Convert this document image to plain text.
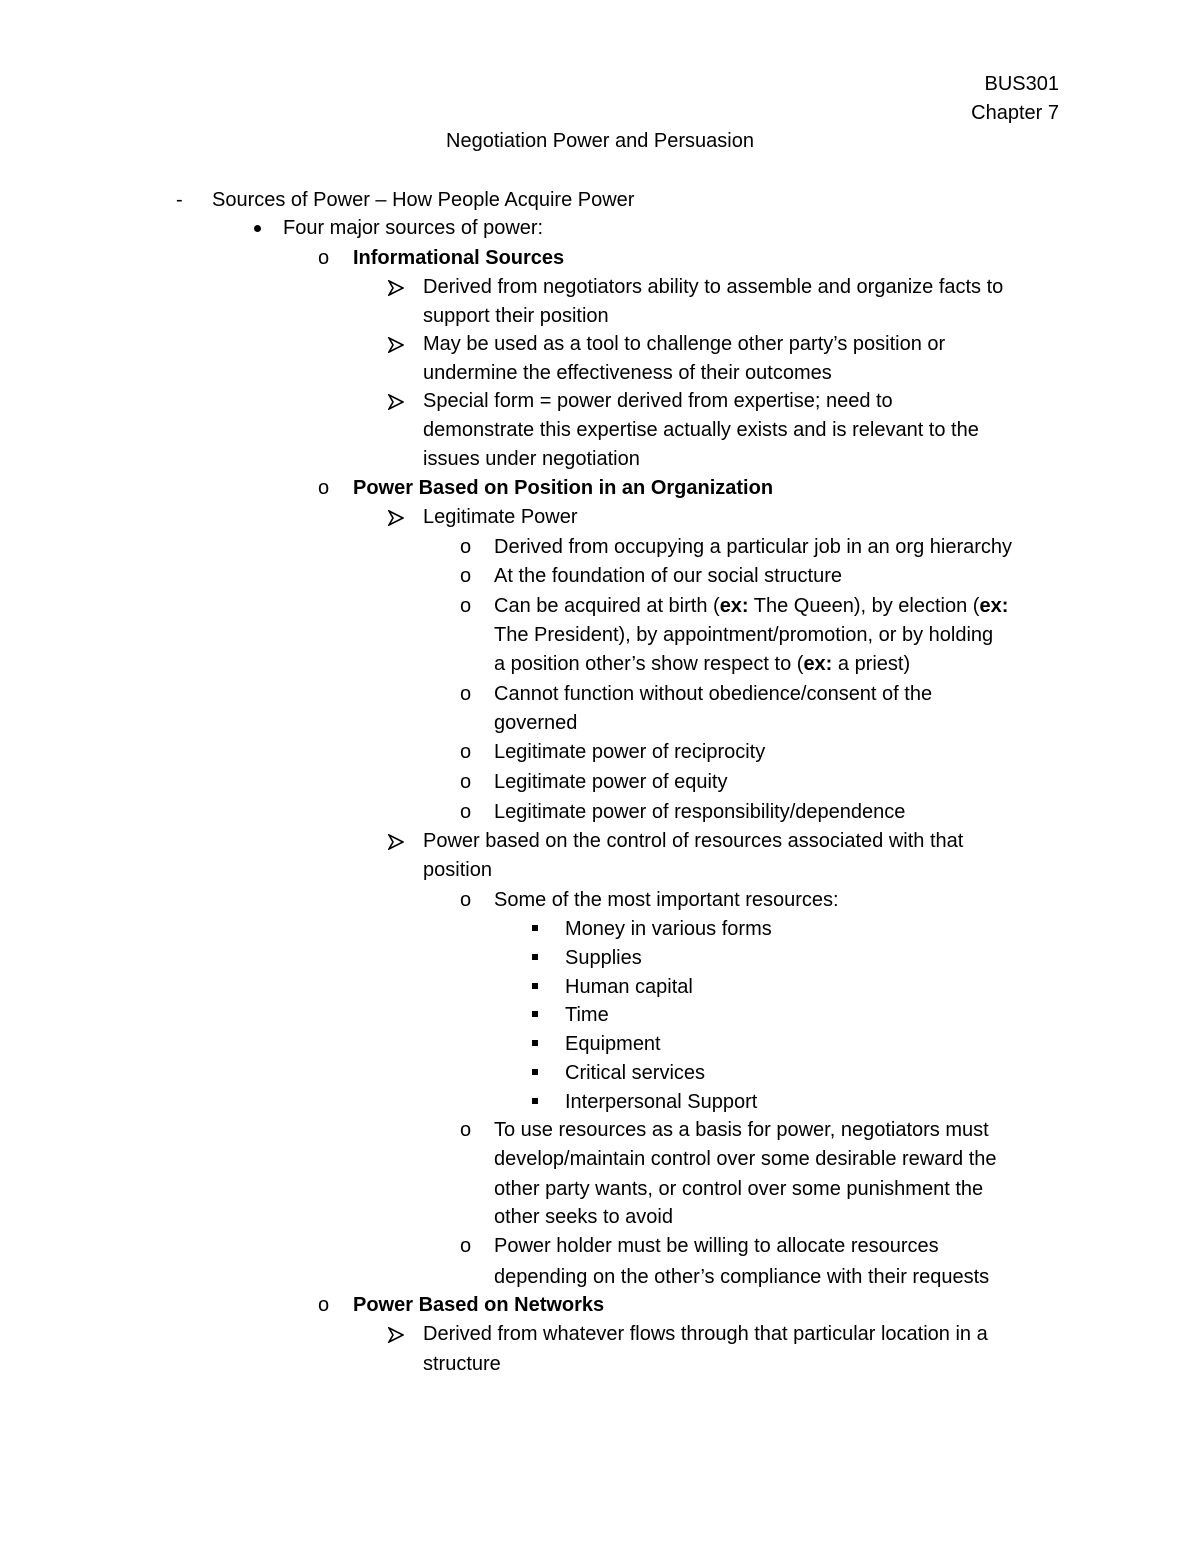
BUS301
Chapter 7
Negotiation Power and Persuasion
- Sources of Power – How People Acquire Power
Four major sources of power:
o Informational Sources
Derived from negotiators ability to assemble and organize facts to
support their position
May be used as a tool to challenge other party’s position or
undermine the effectiveness of their outcomes
Special form = power derived from expertise; need to
demonstrate this expertise actually exists and is relevant to the
issues under negotiation
o Power Based on Position in an Organization
Legitimate Power
o Derived from occupying a particular job in an org hierarchy
o At the foundation of our social structure
o Can be acquired at birth (ex: The Queen), by election (ex:
The President), by appointment/promotion, or by holding
a position other’s show respect to (ex: a priest)
o Cannot function without obedience/consent of the
governed
o Legitimate power of reciprocity
o Legitimate power of equity
o Legitimate power of responsibility/dependence
Power based on the control of resources associated with that
position
o Some of the most important resources:
Money in various forms
Supplies
Human capital
Time
Equipment
Critical services
Interpersonal Support
o To use resources as a basis for power, negotiators must
develop/maintain control over some desirable reward the
other party wants, or control over some punishment the
other seeks to avoid
o Power holder must be willing to allocate resources
depending on the other’s compliance with their requests
o Power Based on Networks
Derived from whatever flows through that particular location in a
structure
